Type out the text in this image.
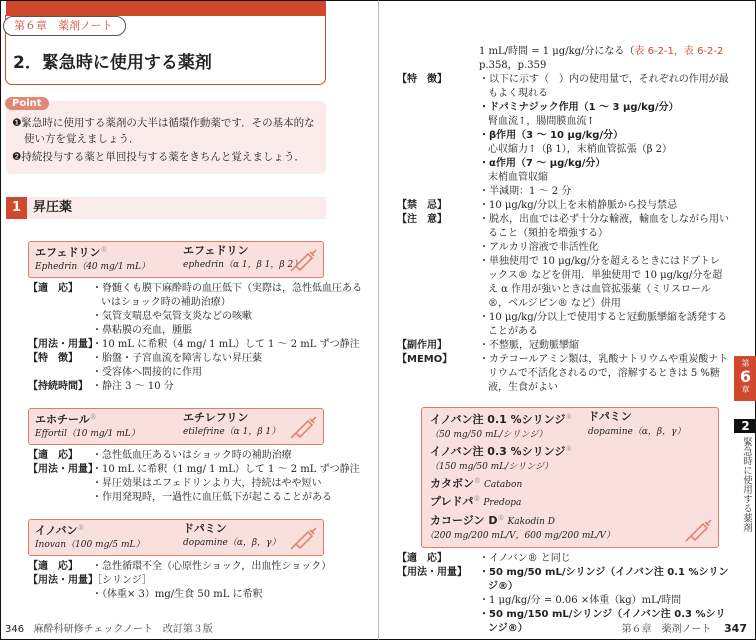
第６章　薬剤ノート
2．緊急時に使用する薬剤

❶緊急時に使用する薬剤の大半は循環作動薬です．その基本的な使い方を覚えましょう．

❷持続投与する薬と単回投与する薬をきちんと覚えましょう．

Point
1 昇圧薬
エフェドリン®
Ephedrin（40 mg/1 mL）
エフェドリン
ephedrin（α 1，β 1，β 2）
【適　応】	・脊髄くも膜下麻酔時の血圧低下（実際は，急性低血圧あるいはショック時の補助治療）
・気管支喘息や気管支炎などの咳嗽
・鼻粘膜の充血，腫脹
【用法・用量】
・10 mL に希釈（4 mg/ 1 mL）して 1 ～ 2 mL ずつ静注
【特　徴】	・胎盤・子宮血流を障害しない昇圧薬
・受容体へ間接的に作用
【持続時間】 ・静注 3 ～ 10 分
エホチール®
Effortil（10 mg/1 mL）
エチレフリン
etilefrine（α 1，β 1）
【適　応】	・急性低血圧あるいはショック時の補助治療
【用法・用量】
・10 mL に希釈（1 mg/ 1 mL）して 1 ～ 2 mL ずつ静注
・昇圧効果はエフェドリンより大，持続はやや短い
・作用発現時，一過性に血圧低下が起こることがある
イノバン®
Inovan（100 mg/5 mL）
ドパミン
dopamine（α，β，γ）
【適　応】	・急性循環不全（心原性ショック，出血性ショック）
【用法・用量】
［シリンジ］
・（体重× 3）mg/生食 50 mL に希釈
346 麻酔科研修チェックノート　改訂第３版
1 mL/時間 = 1 μg/kg/分になる（表 6-2-1，表 6-2-2 p.358，p.359
【特　徴】	・以下に示す（　）内の使用量で，それぞれの作用が最もよく現れる
・ドパミナジック作用（1 ～ 3 μg/kg/分）
腎血流↑，腸間膜血流↑
・β作用（3 ～ 10 μg/kg/分）
心収縮力↑（β 1），末梢血管拡張（β 2）
・α作用（7 ～ μg/kg/分）
末梢血管収縮
・半減期：1 ～ 2 分
【禁　忌】	・10 μg/kg/分以上を末梢静脈から投与禁忌
【注　意】	・脱水，出血では必ず十分な輸液，輸血をしながら用いること（頻拍を増強する）
・アルカリ溶液で非活性化
・単独使用で 10 μg/kg/分を超えるときにはドブトレックス® などを併用．単独使用で 10 μg/kg/分を超え α 作用が強いときは血管拡張薬（ミリスロール®，ペルジピン® など）併用
・10 μg/kg/分以上で使用すると冠動脈攣縮を誘発することがある
【副作用】	・不整脈，冠動脈攣縮
【MEMO】	・カテコールアミン類は，乳酸ナトリウムや重炭酸ナトリウムで不活化されるので，溶解するときは 5 %糖液，生食がよい
イノバン注 0.1 %シリンジ®
（50 mg/50 mL/シリンジ）
ドパミン
dopamine（α，β，γ）
イノバン注 0.3 %シリンジ®
（150 mg/50 mL/シリンジ）
カタボン® Catabon
プレドパ® Predopa
カコージン D® Kakodin D
（200 mg/200 mL/V，600 mg/200 mL/V）
【適　応】	・イノバン® と同じ
【用法・用量】	・50 mg/50 mL/シリンジ（イノバン注 0.1 %シリンジ®）
・1 μg/kg/分 = 0.06 ×体重（kg）mL/時間
・50 mg/150 mL/シリンジ（イノバン注 0.3 %シリンジ®）
第
6
章
2
緊急時に使用する薬剤
第６章　薬剤ノート 347
